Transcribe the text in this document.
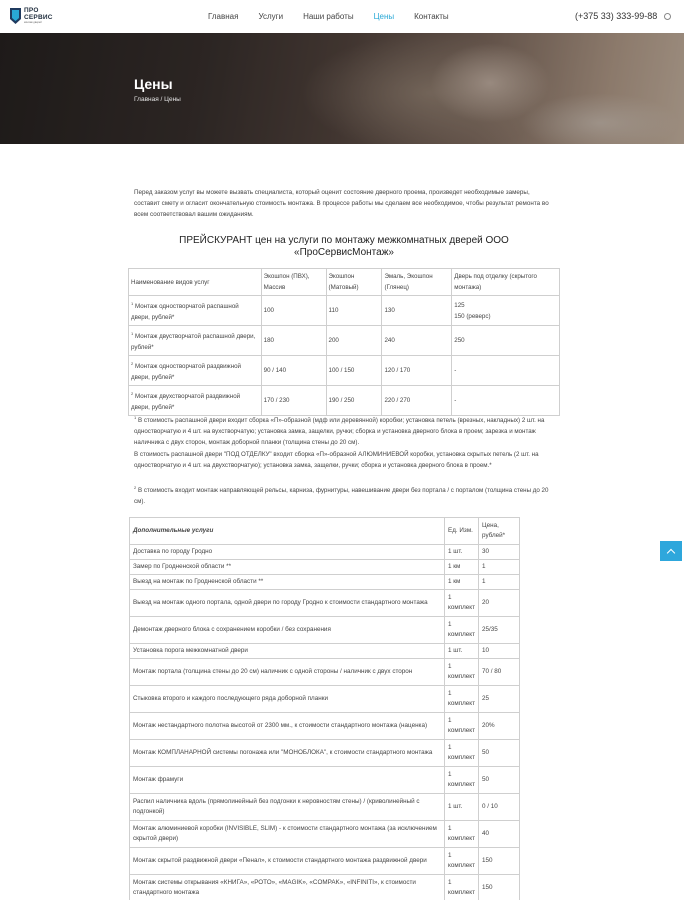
ПРО
СЕРВИС
монтаж дверей
Главная	Услуги	Наши работы	Цены	Контакты	(+375 33) 333-99-88
Цены
Главная / Цены

Перед заказом услуг вы можете вызвать специалиста, который оценит состояние дверного проема, произведет необходимые замеры, составит смету и огласит окончательную стоимость монтажа. В процессе работы мы сделаем все необходимое, чтобы результат ремонта во всем соответствовал вашим ожиданиям.

ПРЕЙСКУРАНТ цен на услуги по монтажу межкомнатных дверей ООО «ПроСервисМонтаж»
Наименование видов услуг	Экошпон (ПВХ), Массив	Экошпон (Матовый)	Эмаль, Экошпон (Глянец)	Дверь под отделку (скрытого монтажа)
$^1$ Монтаж одностворчатой распашной двери, рублей*	100	110	130	125
150 (реверс)

$^1$ Монтаж двустворчатой распашной двери, рублей*	180	200	240	250
$^2$ Монтаж одностворчатой раздвижной двери, рублей*	90 / 140	100 / 150	120 / 170	-
$^2$ Монтаж двухстворчатой раздвижной двери, рублей*	170 / 230	190 / 250	220 / 270	-

$^1$ В стоимость распашной двери входит сборка «П»-образной (мдф или деревянной) коробки; установка петель (врезных, накладных) 2 шт. на одностворчатую и 4 шт. на вухстворчатую; установка замка, защелки, ручки; сборка и установка дверного блока в проем; зарезка и монтаж наличника с двух сторон, монтаж доборной планки (толщина стены до 20 см).

В стоимость распашной двери "ПОД ОТДЕЛКУ" входит сборка «П»-образной АЛЮМИНИЕВОЙ коробки, установка скрытых петель (2 шт. на одностворчатую и 4 шт. на двухстворчатую); установка замка, защелки, ручки; сборка и установка дверного блока в проем.*

$^2$ В стоимость входит монтаж направляющей рельсы, карниза, фурнитуры, навешивание двери без портала / с порталом (толщина стены до 20 см).

Дополнительные услуги	Ед. Изм.	Цена, рублей*
Доставка по городу Гродно	1 шт.	30
Замер по Гродненской области **	1 км	1
Выезд на монтаж по Гродненской области **	1 км	1
Выезд на монтаж одного портала, одной двери по городу Гродно к стоимости стандартного монтажа	1 комплект	20
Демонтаж дверного блока с сохранением коробки / без сохранения	1 комплект	25/35
Установка порога межкомнатной двери	1 шт.	10
Монтаж портала (толщина стены до 20 см) наличник с одной стороны / наличник с двух сторон	1 комплект	70 / 80
Стыковка второго и каждого последующего ряда доборной планки	1 комплект	25
Монтаж нестандартного полотна высотой от 2300 мм., к стоимости стандартного монтажа (наценка)	1 комплект	20%
Монтаж КОМПЛАНАРНОЙ системы погонажа или "МОНОБЛОКА", к стоимости стандартного монтажа	1 комплект	50
Монтаж фрамуги	1 комплект	50
Распил наличника вдоль (прямолинейный без подгонки к неровностям стены) / (криволинейный с подгонкой)	1 шт.	0 / 10
Монтаж алюминиевой коробки (INVISIBLE, SLIM) - к стоимости стандартного монтажа (за исключением скрытой двери)	1 комплект	40
Монтаж скрытой раздвижной двери «Пенал», к стоимости стандартного монтажа раздвижной двери	1 комплект	150
Монтаж системы открывания «КНИГА», «РОТО», «MAGIK», «COMPAK», «INFINITI», к стоимости стандартного монтажа	1 комплект	150
